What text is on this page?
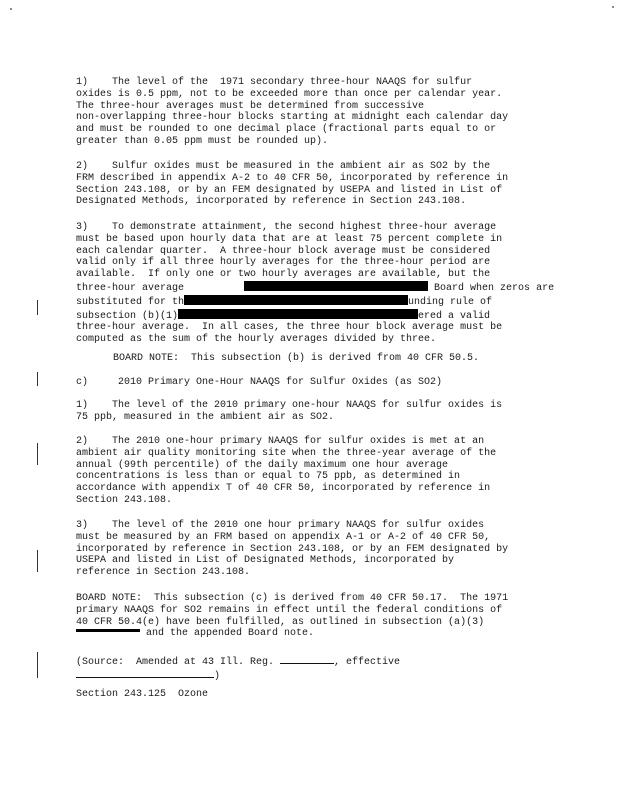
1)    The level of the  1971 secondary three-hour NAAQS for sulfur
oxides is 0.5 ppm, not to be exceeded more than once per calendar year.
The three-hour averages must be determined from successive
non-overlapping three-hour blocks starting at midnight each calendar day
and must be rounded to one decimal place (fractional parts equal to or
greater than 0.05 ppm must be rounded up).
2)    Sulfur oxides must be measured in the ambient air as SO2 by the
FRM described in appendix A-2 to 40 CFR 50, incorporated by reference in
Section 243.108, or by an FEM designated by USEPA and listed in List of
Designated Methods, incorporated by reference in Section 243.108.
3)    To demonstrate attainment, the second highest three-hour average
must be based upon hourly data that are at least 75 percent complete in
each calendar quarter.  A three-hour block average must be considered
valid only if all three hourly averages for the three-hour period are
available.  If only one or two hourly averages are available, but the
three-hour average	Board when zeros are
substituted for th	unding rule of
subsection (b)(1)	ered a valid
three-hour average.  In all cases, the three hour block average must be
computed as the sum of the hourly averages divided by three.
BOARD NOTE:  This subsection (b) is derived from 40 CFR 50.5.
c)     2010 Primary One-Hour NAAQS for Sulfur Oxides (as SO2)
1)    The level of the 2010 primary one-hour NAAQS for sulfur oxides is
75 ppb, measured in the ambient air as SO2.
2)    The 2010 one-hour primary NAAQS for sulfur oxides is met at an
ambient air quality monitoring site when the three-year average of the
annual (99th percentile) of the daily maximum one hour average
concentrations is less than or equal to 75 ppb, as determined in
accordance with appendix T of 40 CFR 50, incorporated by reference in
Section 243.108.
3)    The level of the 2010 one hour primary NAAQS for sulfur oxides
must be measured by an FRM based on appendix A-1 or A-2 of 40 CFR 50,
incorporated by reference in Section 243.108, or by an FEM designated by
USEPA and listed in List of Designated Methods, incorporated by
reference in Section 243.108.
BOARD NOTE:  This subsection (c) is derived from 40 CFR 50.17.  The 1971
primary NAAQS for SO2 remains in effect until the federal conditions of
40 CFR 50.4(e) have been fulfilled, as outlined in subsection (a)(3)
and the appended Board note.
(Source:  Amended at 43 Ill. Reg.	, effective
)
Section 243.125  Ozone
